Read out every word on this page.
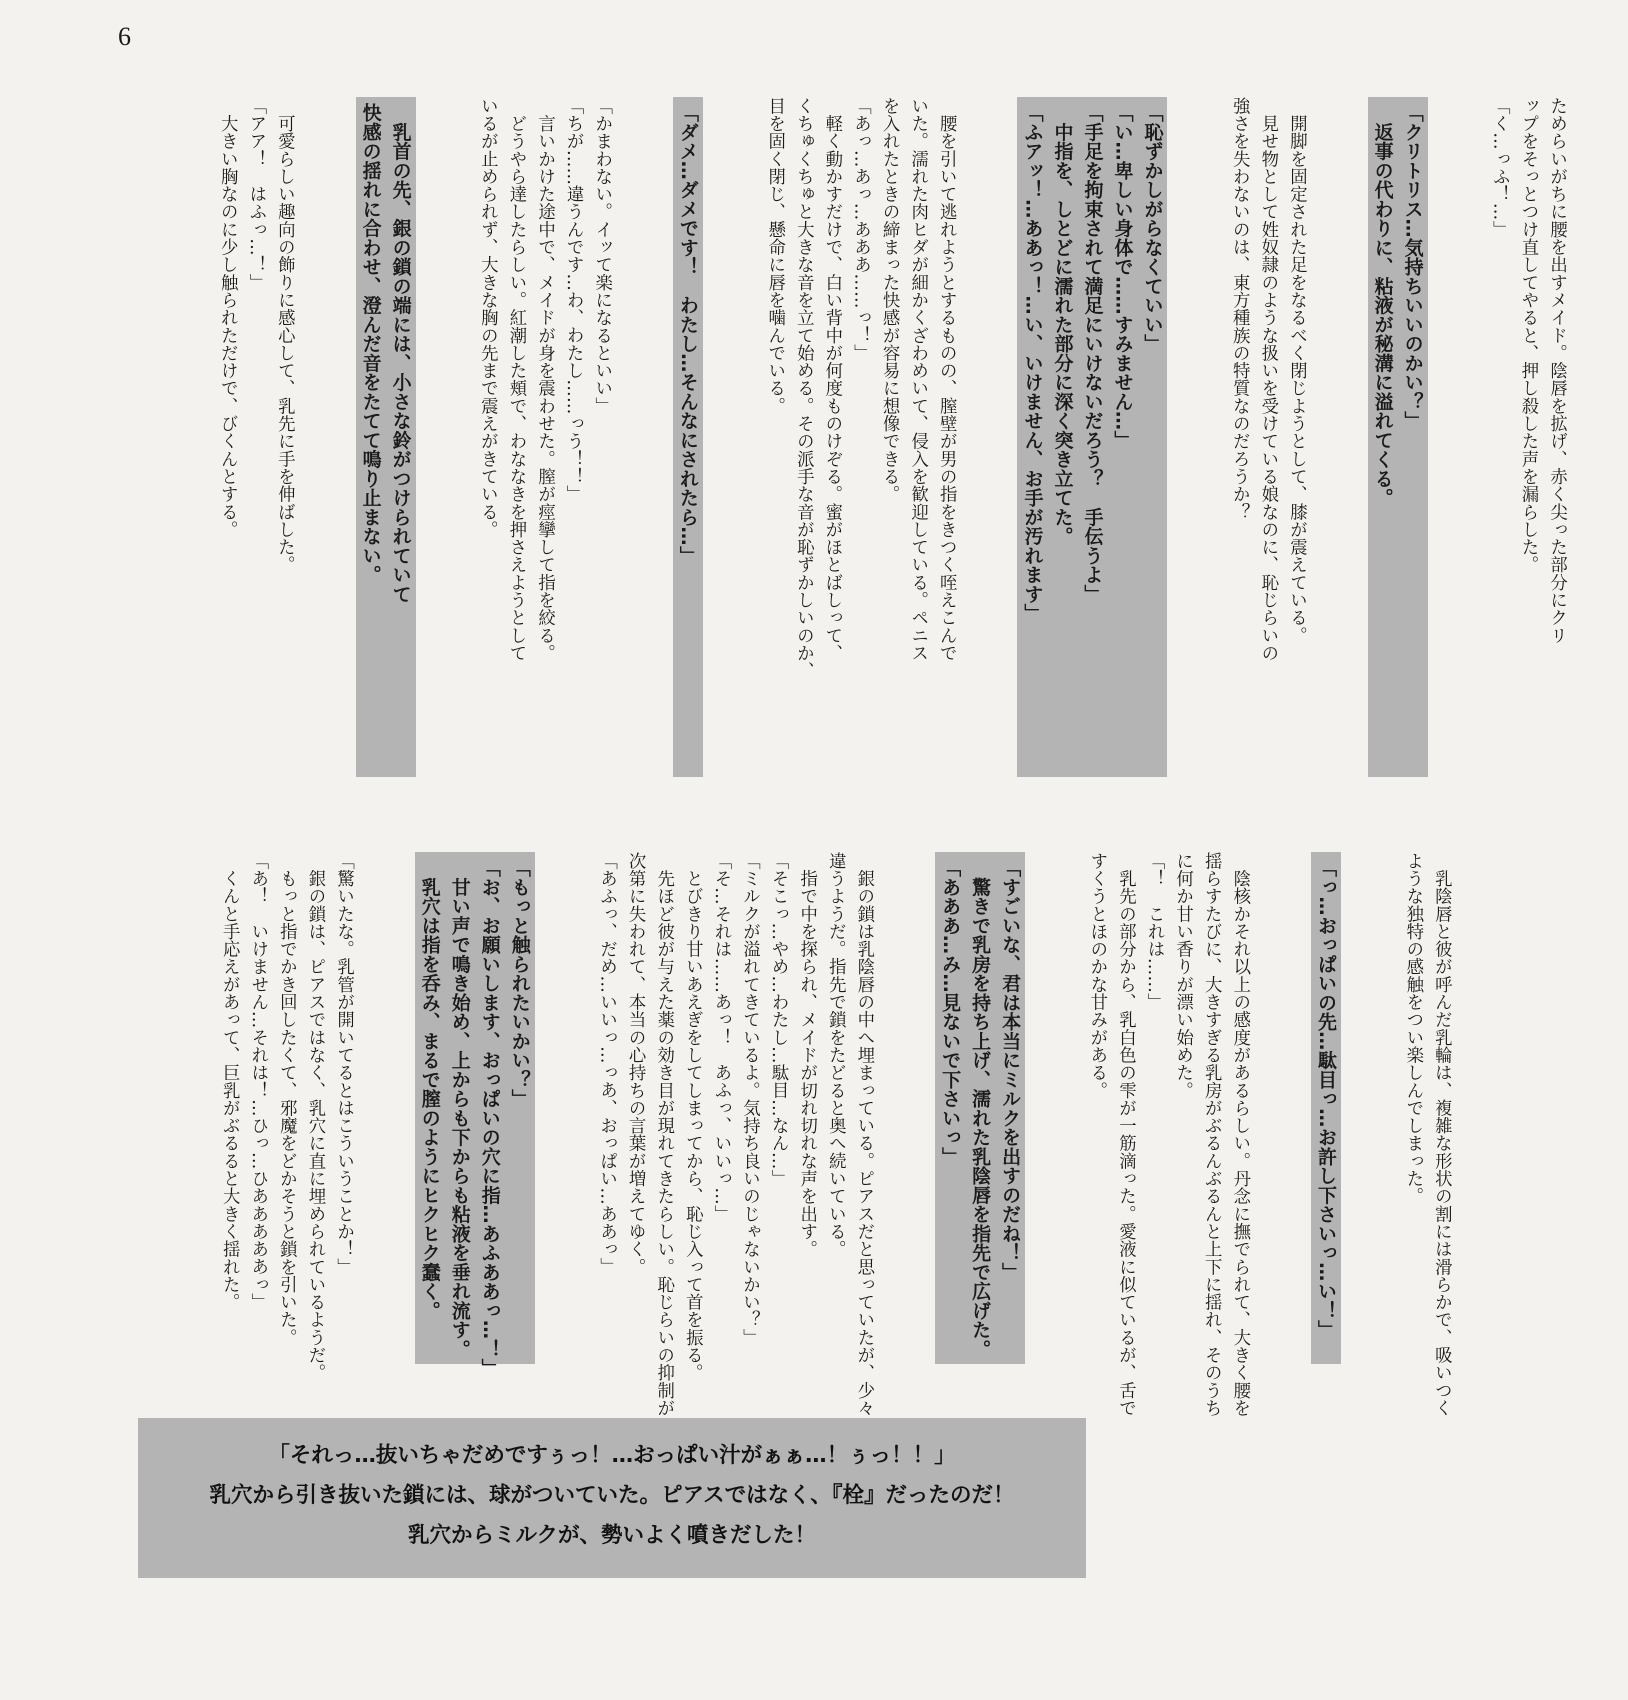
6

ためらいがちに腰を出すメイド。陰唇を拡げ、赤く尖った部分にクリ
ップをそっとつけ直してやると、押し殺した声を漏らした。
「く…っふ！…」

「クリトリス…気持ちいいのかい？」
　返事の代わりに、粘液が秘溝に溢れてくる。

　開脚を固定された足をなるべく閉じようとして、膝が震えている。
　見せ物として姓奴隷のような扱いを受けている娘なのに、恥じらいの
強さを失わないのは、東方種族の特質なのだろうか？

「恥ずかしがらなくていい」
「い…卑しい身体で……すみません…」
「手足を拘束されて満足にいけないだろう？　手伝うよ」
　中指を、しとどに濡れた部分に深く突き立てた。
「ふアッ！…ああっ！…い、いけません、お手が汚れます」

　腰を引いて逃れようとするものの、膣壁が男の指をきつく咥えこんで
いた。濡れた肉ヒダが細かくざわめいて、侵入を歓迎している。ペニス
を入れたときの締まった快感が容易に想像できる。
「あっ…あっ…あああ……っ！」
　軽く動かすだけで、白い背中が何度ものけぞる。蜜がほとばしって、
くちゅくちゅと大きな音を立て始める。その派手な音が恥ずかしいのか、
目を固く閉じ、懸命に唇を噛んでいる。

「ダメ…ダメです！　わたし…そんなにされたら…」

「かまわない。イッて楽になるといい」
「ちが……違うんです…わ、わたし……っう！！」
　言いかけた途中で、メイドが身を震わせた。膣が痙攣して指を絞る。
　どうやら達したらしい。紅潮した頬で、わななきを押さえようとして
いるが止められず、大きな胸の先まで震えがきている。

　乳首の先、銀の鎖の端には、小さな鈴がつけられていて
快感の揺れに合わせ、澄んだ音をたてて鳴り止まない。

　可愛らしい趣向の飾りに感心して、乳先に手を伸ばした。
「アア！　はふっ…！」
　大きい胸なのに少し触られただけで、びくんとする。

　乳陰唇と彼が呼んだ乳輪は、複雑な形状の割には滑らかで、吸いつく
ような独特の感触をつい楽しんでしまった。

「っ…おっぱいの先…駄目っ…お許し下さいっ…い！」

　陰核かそれ以上の感度があるらしい。丹念に撫でられて、大きく腰を
揺らすたびに、大きすぎる乳房がぶるんぶるんと上下に揺れ、そのうち
に何か甘い香りが漂い始めた。
「！　これは……」
　乳先の部分から、乳白色の雫が一筋滴った。愛液に似ているが、舌で
すくうとほのかな甘みがある。

「すごいな、君は本当にミルクを出すのだね！」
　驚きで乳房を持ち上げ、濡れた乳陰唇を指先で広げた。
「あああ…み…見ないで下さいっ」

　銀の鎖は乳陰唇の中へ埋まっている。ピアスだと思っていたが、少々
違うようだ。指先で鎖をたどると奥へ続いている。
　指で中を探られ、メイドが切れ切れな声を出す。
「そこっ…やめ…わたし…駄目…なん…」
「ミルクが溢れてきているよ。気持ち良いのじゃないかい？」
「そ…それは……あっ！　あふっ、いいっ…」
　とびきり甘いあえぎをしてしまってから、恥じ入って首を振る。
　先ほど彼が与えた薬の効き目が現れてきたらしい。恥じらいの抑制が
次第に失われて、本当の心持ちの言葉が増えてゆく。
「あふっ、だめ…いいっ…っあ、おっぱい…ああっ」

「もっと触られたいかい？」
「お、お願いします、おっぱいの穴に指…あふああっ…！」
　甘い声で鳴き始め、上からも下からも粘液を垂れ流す。
　乳穴は指を呑み、まるで膣のようにヒクヒク蠢く。

「驚いたな。乳管が開いてるとはこういうことか！」
　銀の鎖は、ピアスではなく、乳穴に直に埋められているようだ。
　もっと指でかき回したくて、邪魔をどかそうと鎖を引いた。
「あ！　いけません…それは！…ひっ…ひあああああっ」
　くんと手応えがあって、巨乳がぶるると大きく揺れた。

「それっ…抜いちゃだめですぅっ！…おっぱい汁がぁぁ…！ぅっ！！」
乳穴から引き抜いた鎖には、球がついていた。ピアスではなく、『栓』だったのだ！
乳穴からミルクが、勢いよく噴きだした！
